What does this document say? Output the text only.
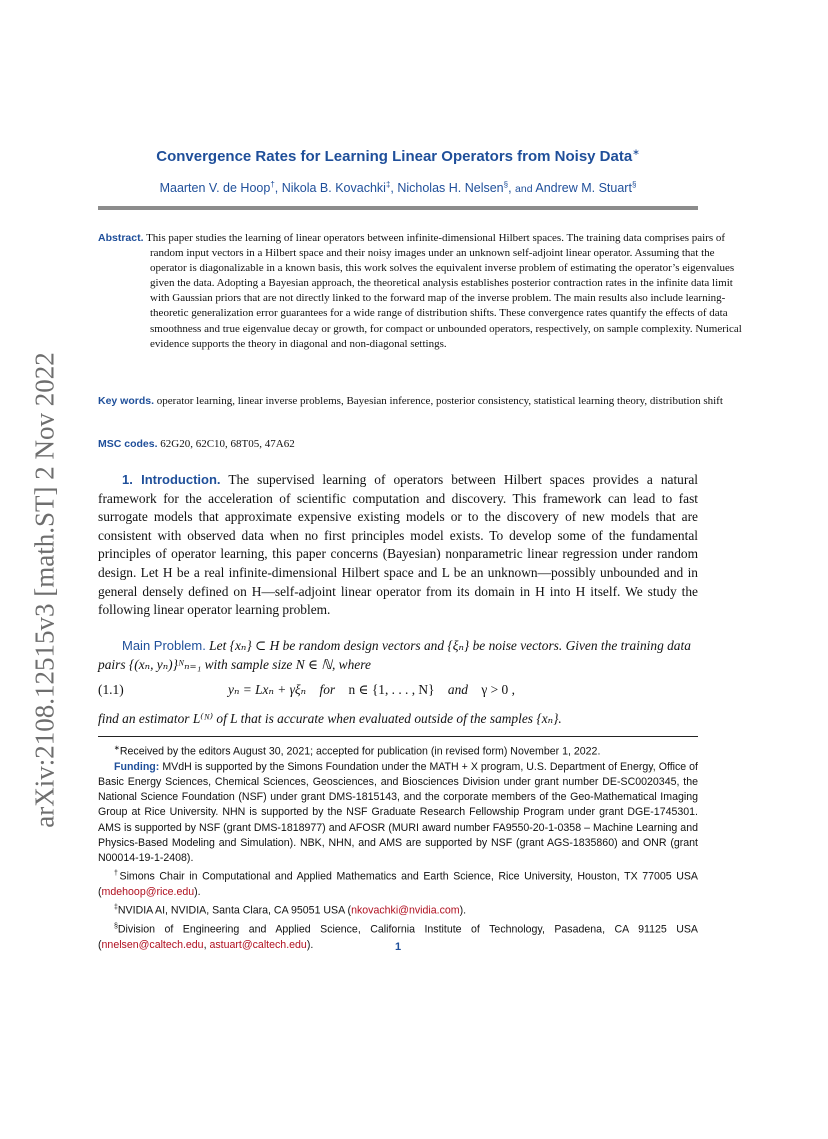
arXiv:2108.12515v3 [math.ST] 2 Nov 2022
Convergence Rates for Learning Linear Operators from Noisy Data∗
Maarten V. de Hoop†, Nikola B. Kovachki‡, Nicholas H. Nelsen§, and Andrew M. Stuart§
Abstract. This paper studies the learning of linear operators between infinite-dimensional Hilbert spaces. The training data comprises pairs of random input vectors in a Hilbert space and their noisy images under an unknown self-adjoint linear operator. Assuming that the operator is diagonalizable in a known basis, this work solves the equivalent inverse problem of estimating the operator’s eigenvalues given the data. Adopting a Bayesian approach, the theoretical analysis establishes posterior contraction rates in the infinite data limit with Gaussian priors that are not directly linked to the forward map of the inverse problem. The main results also include learning-theoretic generalization error guarantees for a wide range of distribution shifts. These convergence rates quantify the effects of data smoothness and true eigenvalue decay or growth, for compact or unbounded operators, respectively, on sample complexity. Numerical evidence supports the theory in diagonal and non-diagonal settings.
Key words. operator learning, linear inverse problems, Bayesian inference, posterior consistency, statistical learning theory, distribution shift
MSC codes. 62G20, 62C10, 68T05, 47A62

1. Introduction. The supervised learning of operators between Hilbert spaces provides a natural framework for the acceleration of scientific computation and discovery. This framework can lead to fast surrogate models that approximate expensive existing models or to the discovery of new models that are consistent with observed data when no first principles model exists. To develop some of the fundamental principles of operator learning, this paper concerns (Bayesian) nonparametric linear regression under random design. Let H be a real infinite-dimensional Hilbert space and L be an unknown—possibly unbounded and in general densely defined on H—self-adjoint linear operator from its domain in H into H itself. We study the following linear operator learning problem.

Main Problem. Let {xₙ} ⊂ H be random design vectors and {ξₙ} be noise vectors. Given the training data pairs {(xₙ, yₙ)}ᴺₙ₌₁ with sample size N ∈ ℕ, where
(1.1)	yₙ = Lxₙ + γξₙ for n ∈ {1, . . . , N} and γ > 0 ,
find an estimator L⁽ᴺ⁾ of L that is accurate when evaluated outside of the samples {xₙ}.

∗Received by the editors August 30, 2021; accepted for publication (in revised form) November 1, 2022.

Funding: MVdH is supported by the Simons Foundation under the MATH + X program, U.S. Department of Energy, Office of Basic Energy Sciences, Chemical Sciences, Geosciences, and Biosciences Division under grant number DE-SC0020345, the National Science Foundation (NSF) under grant DMS-1815143, and the corporate members of the Geo-Mathematical Imaging Group at Rice University. NHN is supported by the NSF Graduate Research Fellowship Program under grant DGE-1745301. AMS is supported by NSF (grant DMS-1818977) and AFOSR (MURI award number FA9550-20-1-0358 – Machine Learning and Physics-Based Modeling and Simulation). NBK, NHN, and AMS are supported by NSF (grant AGS-1835860) and ONR (grant N00014-19-1-2408).

†Simons Chair in Computational and Applied Mathematics and Earth Science, Rice University, Houston, TX 77005 USA (mdehoop@rice.edu).

‡NVIDIA AI, NVIDIA, Santa Clara, CA 95051 USA (nkovachki@nvidia.com).

§Division of Engineering and Applied Science, California Institute of Technology, Pasadena, CA 91125 USA (nnelsen@caltech.edu, astuart@caltech.edu).	1
